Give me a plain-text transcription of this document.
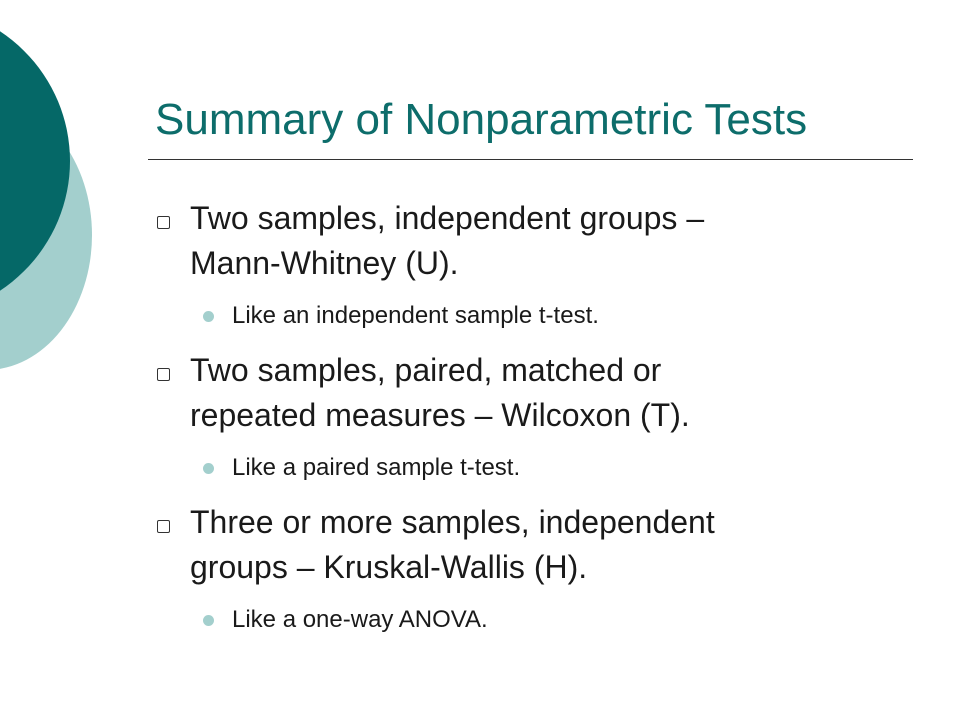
Summary of Nonparametric Tests
Two samples, independent groups –
Mann-Whitney (U).
Like an independent sample t-test.
Two samples, paired, matched or
repeated measures – Wilcoxon (T).
Like a paired sample t-test.
Three or more samples, independent
groups – Kruskal-Wallis (H).
Like a one-way ANOVA.
